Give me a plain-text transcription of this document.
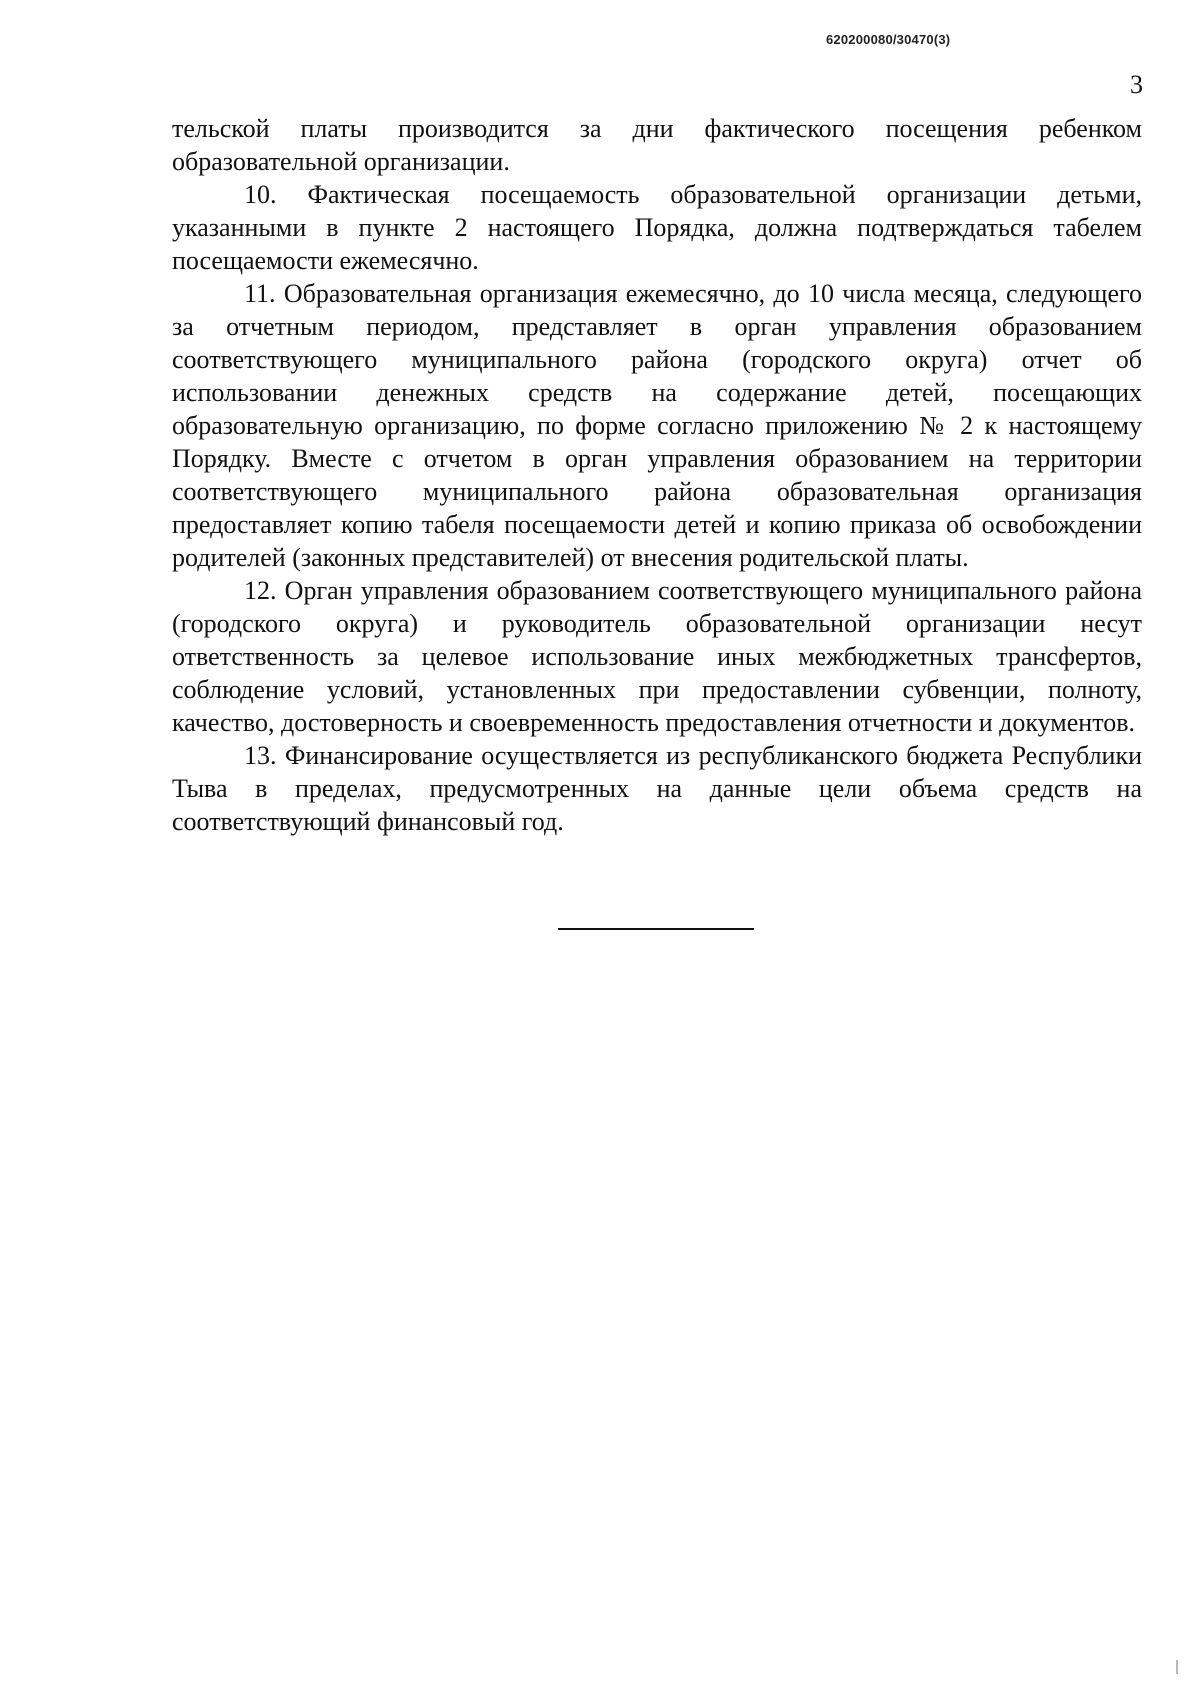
620200080/30470(3)
3

тельской платы производится за дни фактического посещения ребенком образовательной организации.

10. Фактическая посещаемость образовательной организации детьми, указанными в пункте 2 настоящего Порядка, должна подтверждаться табелем посещаемости ежемесячно.

11. Образовательная организация ежемесячно, до 10 числа месяца, следующего за отчетным периодом, представляет в орган управления образованием соответствующего муниципального района (городского округа) отчет об использовании денежных средств на содержание детей, посещающих образовательную организацию, по форме согласно приложению № 2 к настоящему Порядку. Вместе с отчетом в орган управления образованием на территории соответствующего муниципального района образовательная организация предоставляет копию табеля посещаемости детей и копию приказа об освобождении родителей (законных представителей) от внесения родительской платы.

12. Орган управления образованием соответствующего муниципального района (городского округа) и руководитель образовательной организации несут ответственность за целевое использование иных межбюджетных трансфертов, соблюдение условий, установленных при предоставлении субвенции, полноту, качество, достоверность и своевременность предоставления отчетности и документов.

13. Финансирование осуществляется из республиканского бюджета Республики Тыва в пределах, предусмотренных на данные цели объема средств на соответствующий финансовый год.
